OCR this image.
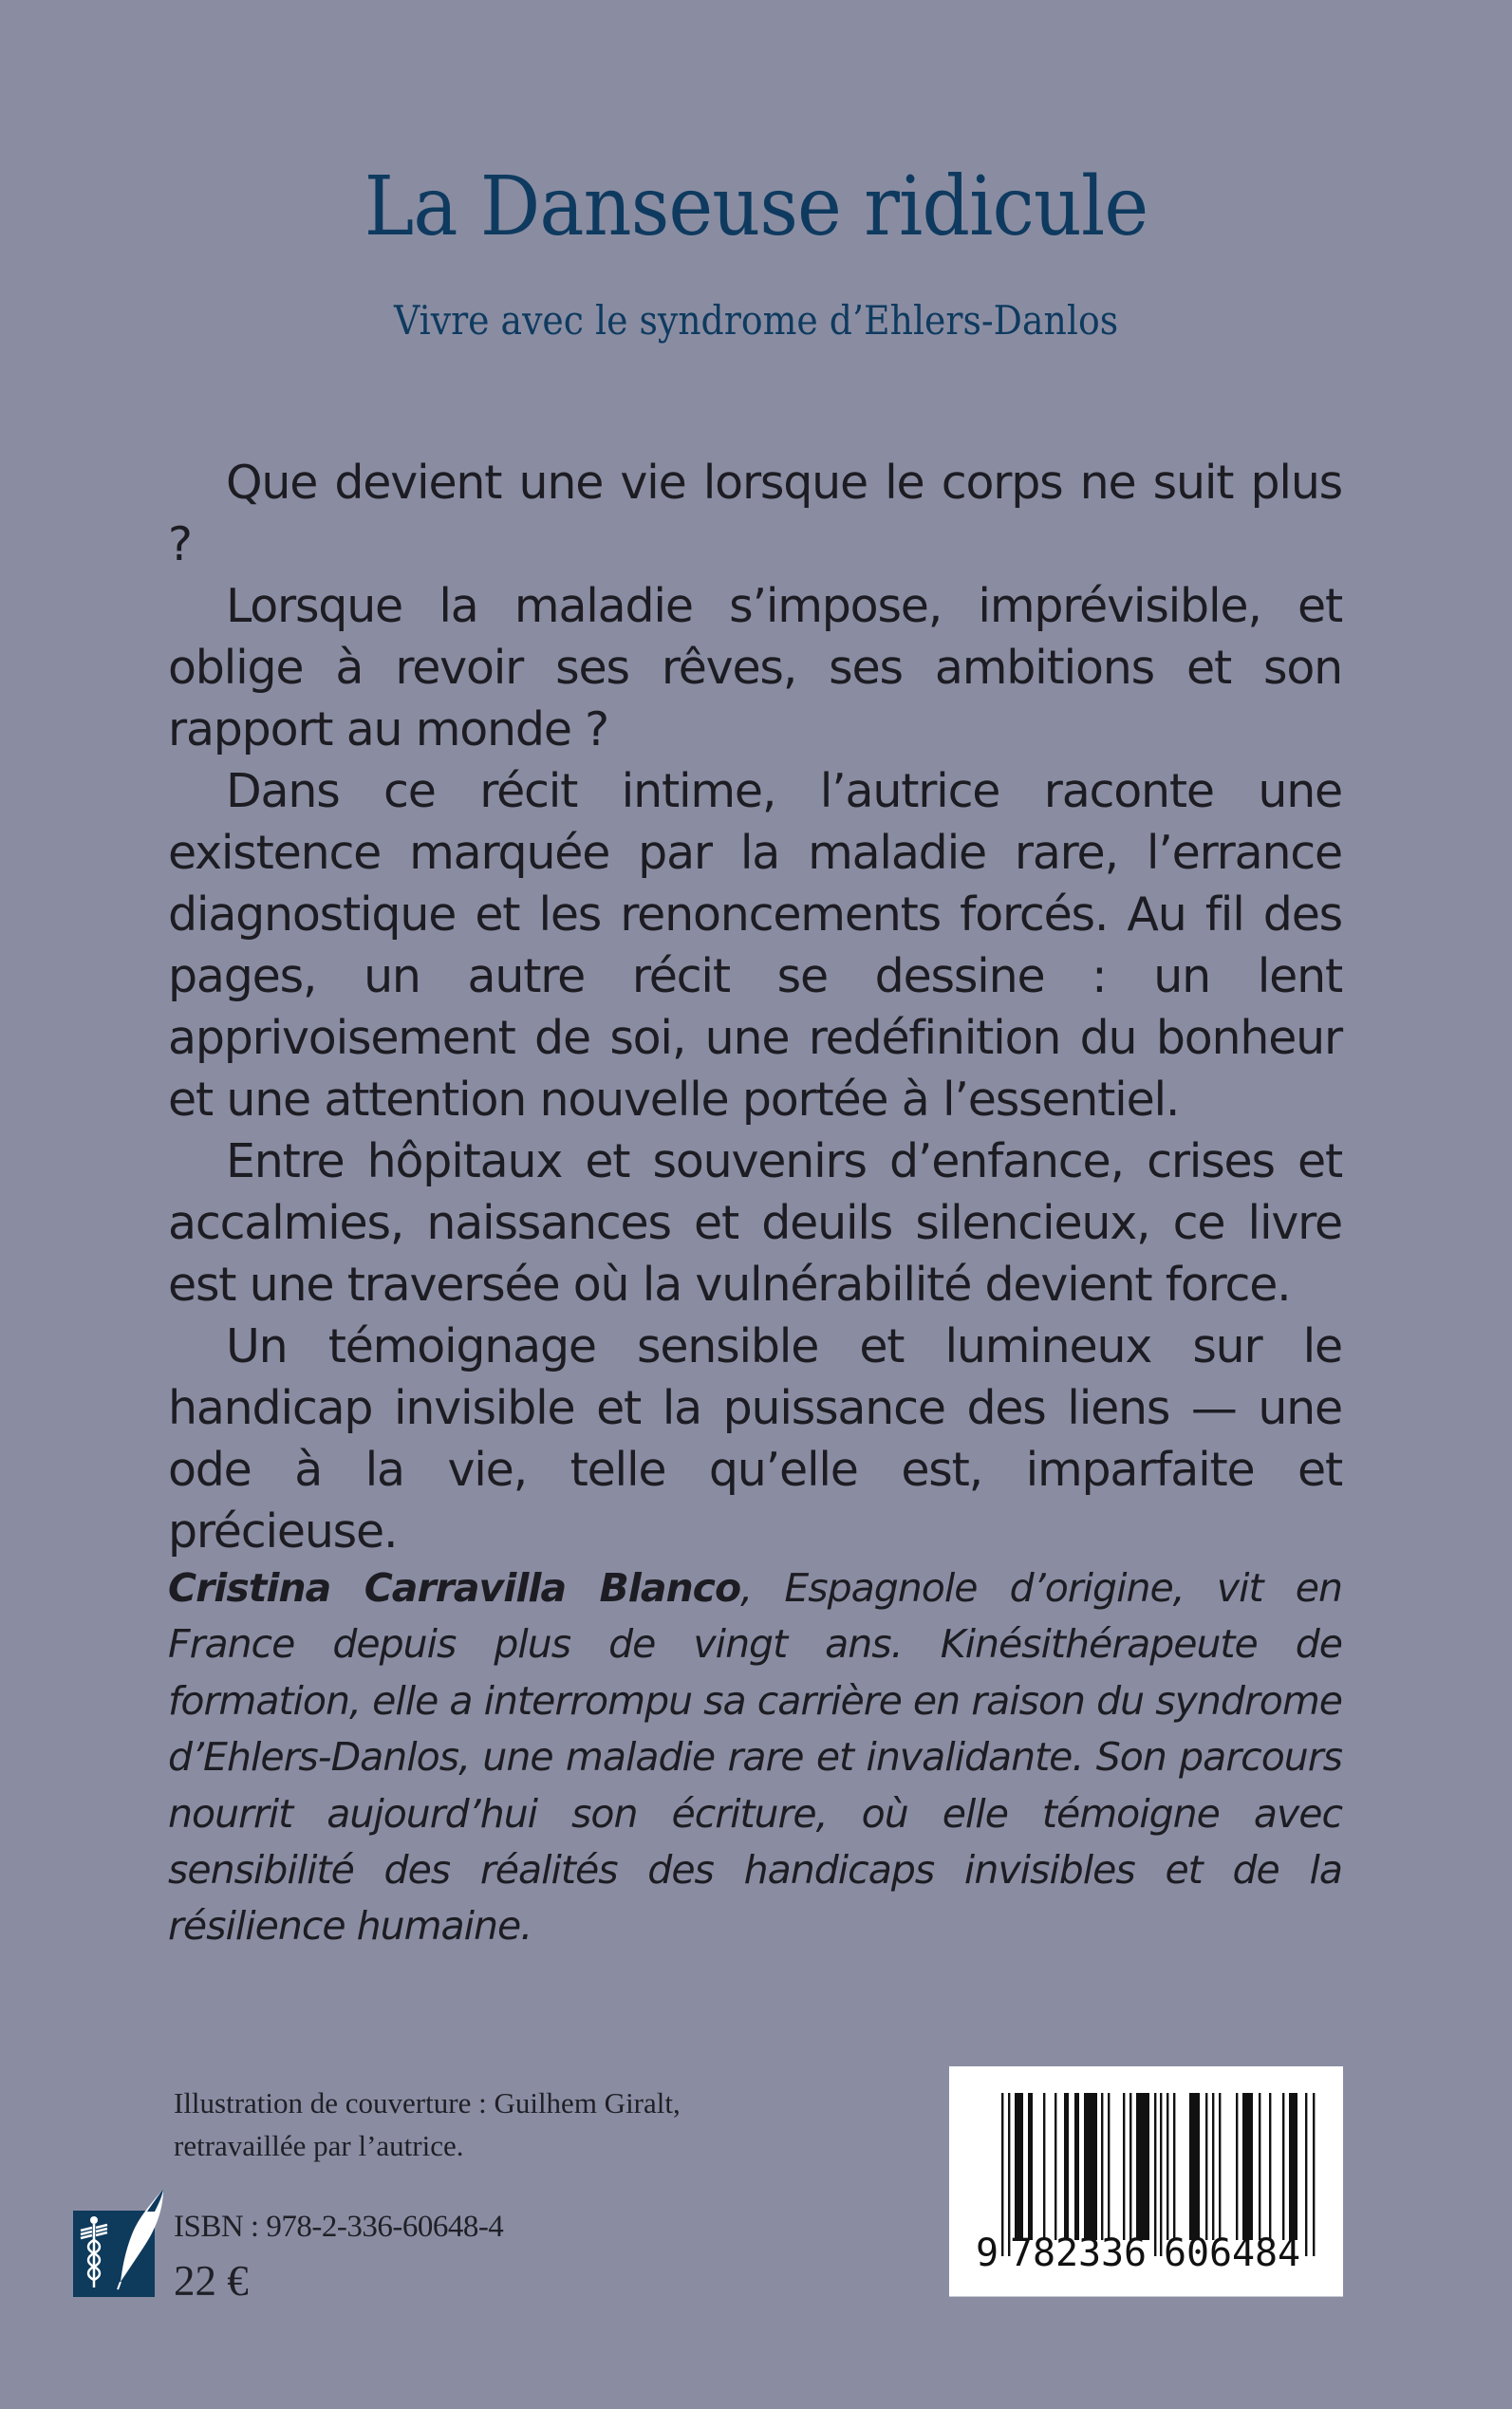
La Danseuse ridicule
Vivre avec le syndrome d’Ehlers-Danlos

Que devient une vie lorsque le corps ne suit plus ?

Lorsque la maladie s’impose, imprévisible, et oblige à revoir ses rêves, ses ambitions et son rapport au monde ?

Dans ce récit intime, l’autrice raconte une existence marquée par la maladie rare, l’errance diagnostique et les renoncements forcés. Au fil des pages, un autre récit se dessine : un lent apprivoisement de soi, une redéfinition du bonheur et une attention nouvelle portée à l’essentiel.

Entre hôpitaux et souvenirs d’enfance, crises et accalmies, naissances et deuils silencieux, ce livre est une traversée où la vulnérabilité devient force.

Un témoignage sensible et lumineux sur le handicap invisible et la puissance des liens — une ode à la vie, telle qu’elle est, imparfaite et précieuse.

Cristina Carravilla Blanco, Espagnole d’origine, vit en France depuis plus de vingt ans. Kinésithérapeute de formation, elle a interrompu sa carrière en raison du syndrome d’Ehlers-Danlos, une maladie rare et invalidante. Son parcours nourrit aujourd’hui son écriture, où elle témoigne avec sensibilité des réalités des handicaps invisibles et de la résilience humaine.

Illustration de couverture : Guilhem Giralt,
retravaillée par l’autrice.
ISBN : 978-2-336-60648-4
22 €
9 7 8 2 3 3 6 6 0 6 4 8 4
